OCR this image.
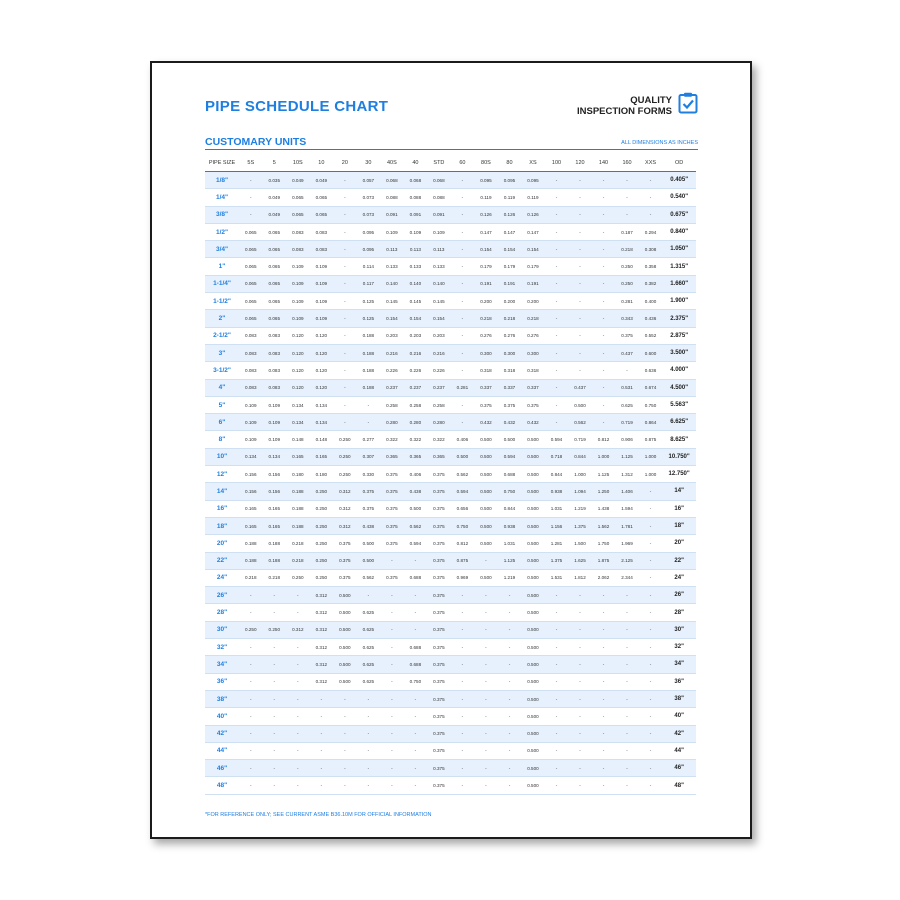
PIPE SCHEDULE CHART	QUALITY
INSPECTION FORMS
CUSTOMARY UNITS	ALL DIMENSIONS AS INCHES
PIPE SIZE	5S	5	10S	10	20	30	40S	40	STD	60	80S	80	XS	100	120	140	160	XXS	OD
1/8"	-	0.035	0.049	0.049	-	0.057	0.068	0.068	0.068	-	0.095	0.095	0.095	-	-	-	-	-	0.405"
1/4"	-	0.049	0.065	0.065	-	0.073	0.088	0.088	0.088	-	0.119	0.119	0.119	-	-	-	-	-	0.540"
3/8"	-	0.049	0.065	0.065	-	0.073	0.091	0.091	0.091	-	0.126	0.126	0.126	-	-	-	-	-	0.675"
1/2"	0.065	0.065	0.083	0.083	-	0.095	0.109	0.109	0.109	-	0.147	0.147	0.147	-	-	-	0.187	0.294	0.840"
3/4"	0.065	0.065	0.083	0.083	-	0.095	0.113	0.113	0.113	-	0.154	0.154	0.154	-	-	-	0.218	0.308	1.050"
1"	0.065	0.065	0.109	0.109	-	0.114	0.133	0.133	0.133	-	0.179	0.179	0.179	-	-	-	0.250	0.358	1.315"
1-1/4"	0.065	0.065	0.109	0.109	-	0.117	0.140	0.140	0.140	-	0.191	0.191	0.191	-	-	-	0.250	0.382	1.660"
1-1/2"	0.065	0.065	0.109	0.109	-	0.125	0.145	0.145	0.145	-	0.200	0.200	0.200	-	-	-	0.281	0.400	1.900"
2"	0.065	0.065	0.109	0.109	-	0.125	0.154	0.154	0.154	-	0.218	0.218	0.218	-	-	-	0.343	0.436	2.375"
2-1/2"	0.083	0.083	0.120	0.120	-	0.188	0.203	0.203	0.203	-	0.276	0.276	0.276	-	-	-	0.375	0.552	2.875"
3"	0.083	0.083	0.120	0.120	-	0.188	0.216	0.216	0.216	-	0.300	0.300	0.300	-	-	-	0.437	0.600	3.500"
3-1/2"	0.083	0.083	0.120	0.120	-	0.188	0.226	0.226	0.226	-	0.318	0.318	0.318	-	-	-	-	0.636	4.000"
4"	0.083	0.083	0.120	0.120	-	0.188	0.237	0.237	0.237	0.281	0.337	0.337	0.337	-	0.437	-	0.531	0.674	4.500"
5"	0.109	0.109	0.134	0.134	-	-	0.258	0.258	0.258	-	0.375	0.375	0.375	-	0.500	-	0.625	0.750	5.563"
6"	0.109	0.109	0.134	0.134	-	-	0.280	0.280	0.280	-	0.432	0.432	0.432	-	0.562	-	0.719	0.864	6.625"
8"	0.109	0.109	0.148	0.148	0.250	0.277	0.322	0.322	0.322	0.406	0.500	0.500	0.500	0.594	0.719	0.812	0.906	0.875	8.625"
10"	0.134	0.134	0.165	0.165	0.250	0.307	0.365	0.365	0.365	0.500	0.500	0.594	0.500	0.718	0.844	1.000	1.125	1.000	10.750"
12"	0.156	0.156	0.180	0.180	0.250	0.330	0.375	0.406	0.375	0.562	0.500	0.688	0.500	0.844	1.000	1.125	1.312	1.000	12.750"
14"	0.156	0.156	0.188	0.250	0.312	0.375	0.375	0.438	0.375	0.594	0.500	0.750	0.500	0.938	1.094	1.250	1.406	-	14"
16"	0.165	0.165	0.188	0.250	0.312	0.375	0.375	0.500	0.375	0.656	0.500	0.844	0.500	1.031	1.219	1.438	1.594	-	16"
18"	0.165	0.165	0.188	0.250	0.312	0.438	0.375	0.562	0.375	0.750	0.500	0.938	0.500	1.156	1.375	1.562	1.781	-	18"
20"	0.188	0.188	0.218	0.250	0.375	0.500	0.375	0.594	0.375	0.812	0.500	1.031	0.500	1.281	1.500	1.750	1.969	-	20"
22"	0.188	0.188	0.218	0.250	0.375	0.500	-	-	0.375	0.875	-	1.125	0.500	1.375	1.625	1.875	2.125	-	22"
24"	0.218	0.218	0.250	0.250	0.375	0.562	0.375	0.688	0.375	0.969	0.500	1.219	0.500	1.531	1.812	2.062	2.344	-	24"
26"	-	-	-	0.312	0.500	-	-	-	0.375	-	-	-	0.500	-	-	-	-	-	26"
28"	-	-	-	0.312	0.500	0.625	-	-	0.375	-	-	-	0.500	-	-	-	-	-	28"
30"	0.250	0.250	0.312	0.312	0.500	0.625	-	-	0.375	-	-	-	0.500	-	-	-	-	-	30"
32"	-	-	-	0.312	0.500	0.625	-	0.688	0.375	-	-	-	0.500	-	-	-	-	-	32"
34"	-	-	-	0.312	0.500	0.625	-	0.688	0.375	-	-	-	0.500	-	-	-	-	-	34"
36"	-	-	-	0.312	0.500	0.625	-	0.750	0.375	-	-	-	0.500	-	-	-	-	-	36"
38"	-	-	-	-	-	-	-	-	0.375	-	-	-	0.500	-	-	-	-	-	38"
40"	-	-	-	-	-	-	-	-	0.375	-	-	-	0.500	-	-	-	-	-	40"
42"	-	-	-	-	-	-	-	-	0.375	-	-	-	0.500	-	-	-	-	-	42"
44"	-	-	-	-	-	-	-	-	0.375	-	-	-	0.500	-	-	-	-	-	44"
46"	-	-	-	-	-	-	-	-	0.375	-	-	-	0.500	-	-	-	-	-	46"
48"	-	-	-	-	-	-	-	-	0.375	-	-	-	0.500	-	-	-	-	-	48"
*FOR REFERENCE ONLY; SEE CURRENT ASME B36.10M FOR OFFICIAL INFORMATION
